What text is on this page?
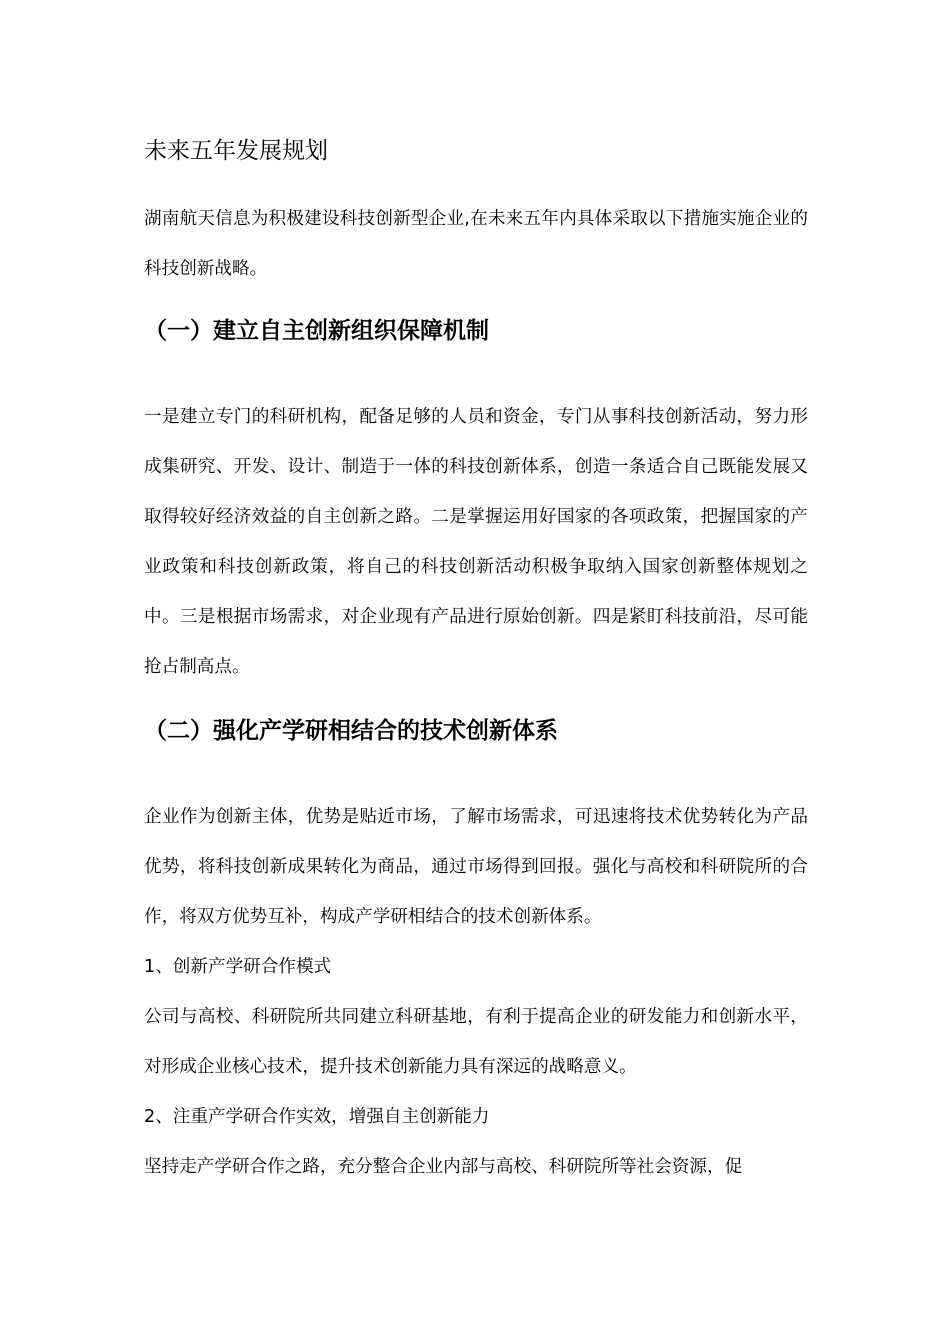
未来五年发展规划

湖南航天信息为积极建设科技创新型企业,在未来五年内具体采取以下措施实施企业的科技创新战略。

（一）建立自主创新组织保障机制

一是建立专门的科研机构，配备足够的人员和资金，专门从事科技创新活动，努力形成集研究、开发、设计、制造于一体的科技创新体系，创造一条适合自己既能发展又取得较好经济效益的自主创新之路。二是掌握运用好国家的各项政策，把握国家的产业政策和科技创新政策，将自己的科技创新活动积极争取纳入国家创新整体规划之中。三是根据市场需求，对企业现有产品进行原始创新。四是紧盯科技前沿，尽可能抢占制高点。

（二）强化产学研相结合的技术创新体系

企业作为创新主体，优势是贴近市场，了解市场需求，可迅速将技术优势转化为产品优势，将科技创新成果转化为商品，通过市场得到回报。强化与高校和科研院所的合作，将双方优势互补，构成产学研相结合的技术创新体系。

1、创新产学研合作模式

公司与高校、科研院所共同建立科研基地，有利于提高企业的研发能力和创新水平，对形成企业核心技术，提升技术创新能力具有深远的战略意义。

2、注重产学研合作实效，增强自主创新能力

坚持走产学研合作之路，充分整合企业内部与高校、科研院所等社会资源，促
